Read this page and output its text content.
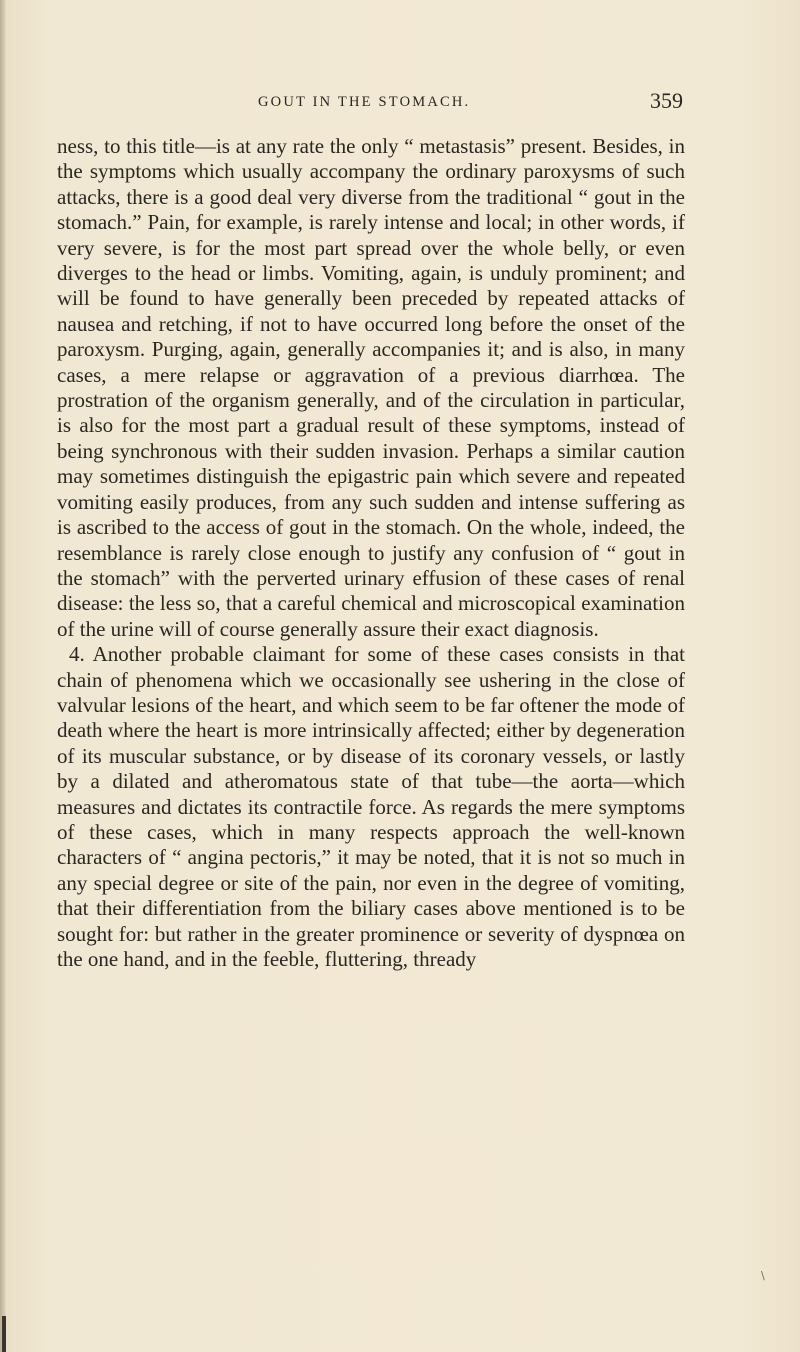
GOUT IN THE STOMACH.	359

ness, to this title—is at any rate the only “ metastasis” present. Besides, in the symptoms which usually accompany the ordinary paroxysms of such attacks, there is a good deal very diverse from the traditional “ gout in the stomach.” Pain, for example, is rarely intense and local; in other words, if very severe, is for the most part spread over the whole belly, or even diverges to the head or limbs. Vomiting, again, is unduly prominent; and will be found to have generally been preceded by repeated attacks of nausea and retching, if not to have occurred long before the onset of the paroxysm. Purging, again, generally accompanies it; and is also, in many cases, a mere relapse or aggravation of a previous diarrhœa. The prostration of the organism generally, and of the circulation in particular, is also for the most part a gradual result of these symptoms, instead of being synchronous with their sudden invasion. Perhaps a similar caution may sometimes distinguish the epigastric pain which severe and repeated vomiting easily produces, from any such sudden and intense suffering as is ascribed to the access of gout in the stomach. On the whole, indeed, the resemblance is rarely close enough to justify any confusion of “ gout in the stomach” with the perverted urinary effusion of these cases of renal disease: the less so, that a careful chemical and microscopical examination of the urine will of course generally assure their exact diagnosis.

4. Another probable claimant for some of these cases consists in that chain of phenomena which we occasionally see ushering in the close of valvular lesions of the heart, and which seem to be far oftener the mode of death where the heart is more intrinsically affected; either by degeneration of its muscular substance, or by disease of its coronary vessels, or lastly by a dilated and atheromatous state of that tube—the aorta—which measures and dictates its contractile force. As regards the mere symptoms of these cases, which in many respects approach the well-known characters of “ angina pectoris,” it may be noted, that it is not so much in any special degree or site of the pain, nor even in the degree of vomiting, that their differentiation from the biliary cases above mentioned is to be sought for: but rather in the greater prominence or severity of dyspnœa on the one hand, and in the feeble, fluttering, thready

\
